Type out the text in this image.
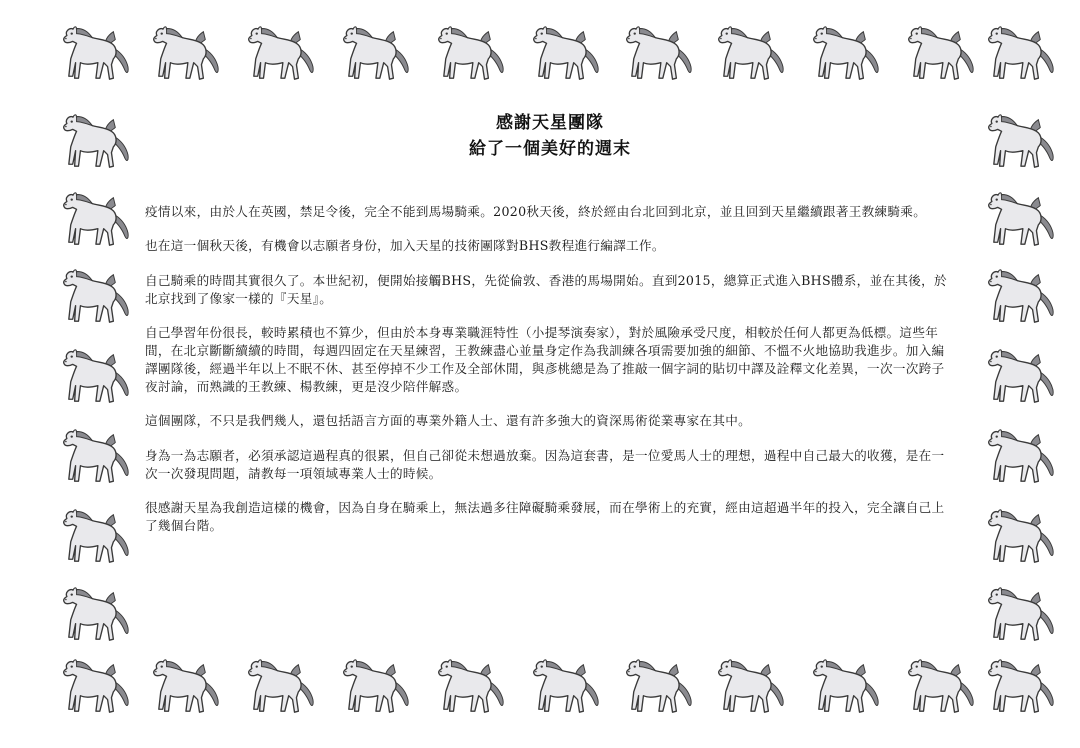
感謝天星團隊
給了一個美好的週末

疫情以來，由於人在英國，禁足令後，完全不能到馬場騎乘。2020秋天後，終於經由台北回到北京，並且回到天星繼續跟著王教練騎乘。

也在這一個秋天後，有機會以志願者身份，加入天星的技術團隊對BHS教程進行編譯工作。

自己騎乘的時間其實很久了。本世紀初，便開始接觸BHS，先從倫敦、香港的馬場開始。直到2015，總算正式進入BHS體系，並在其後，於北京找到了像家一樣的『天星』。

自己學習年份很長，較時累積也不算少，但由於本身專業職涯特性（小提琴演奏家），對於風險承受尺度，相較於任何人都更為低標。這些年間，在北京斷斷續續的時間，每週四固定在天星練習，王教練盡心並量身定作為我訓練各項需要加強的細節、不慍不火地協助我進步。加入編譯團隊後，經過半年以上不眠不休、甚至停掉不少工作及全部休閒，與彥桃總是為了推敲一個字詞的貼切中譯及詮釋文化差異，一次一次跨子夜討論，而熟識的王教練、楊教練，更是沒少陪伴解惑。

這個團隊，不只是我們幾人，還包括語言方面的專業外籍人士、還有許多強大的資深馬術從業專家在其中。

身為一為志願者，必須承認這過程真的很累，但自己卻從未想過放棄。因為這套書，是一位愛馬人士的理想，過程中自己最大的收獲，是在一次一次發現問題，請教每一項領域專業人士的時候。

很感謝天星為我創造這樣的機會，因為自身在騎乘上，無法過多往障礙騎乘發展，而在學術上的充實，經由這超過半年的投入，完全讓自己上了幾個台階。
